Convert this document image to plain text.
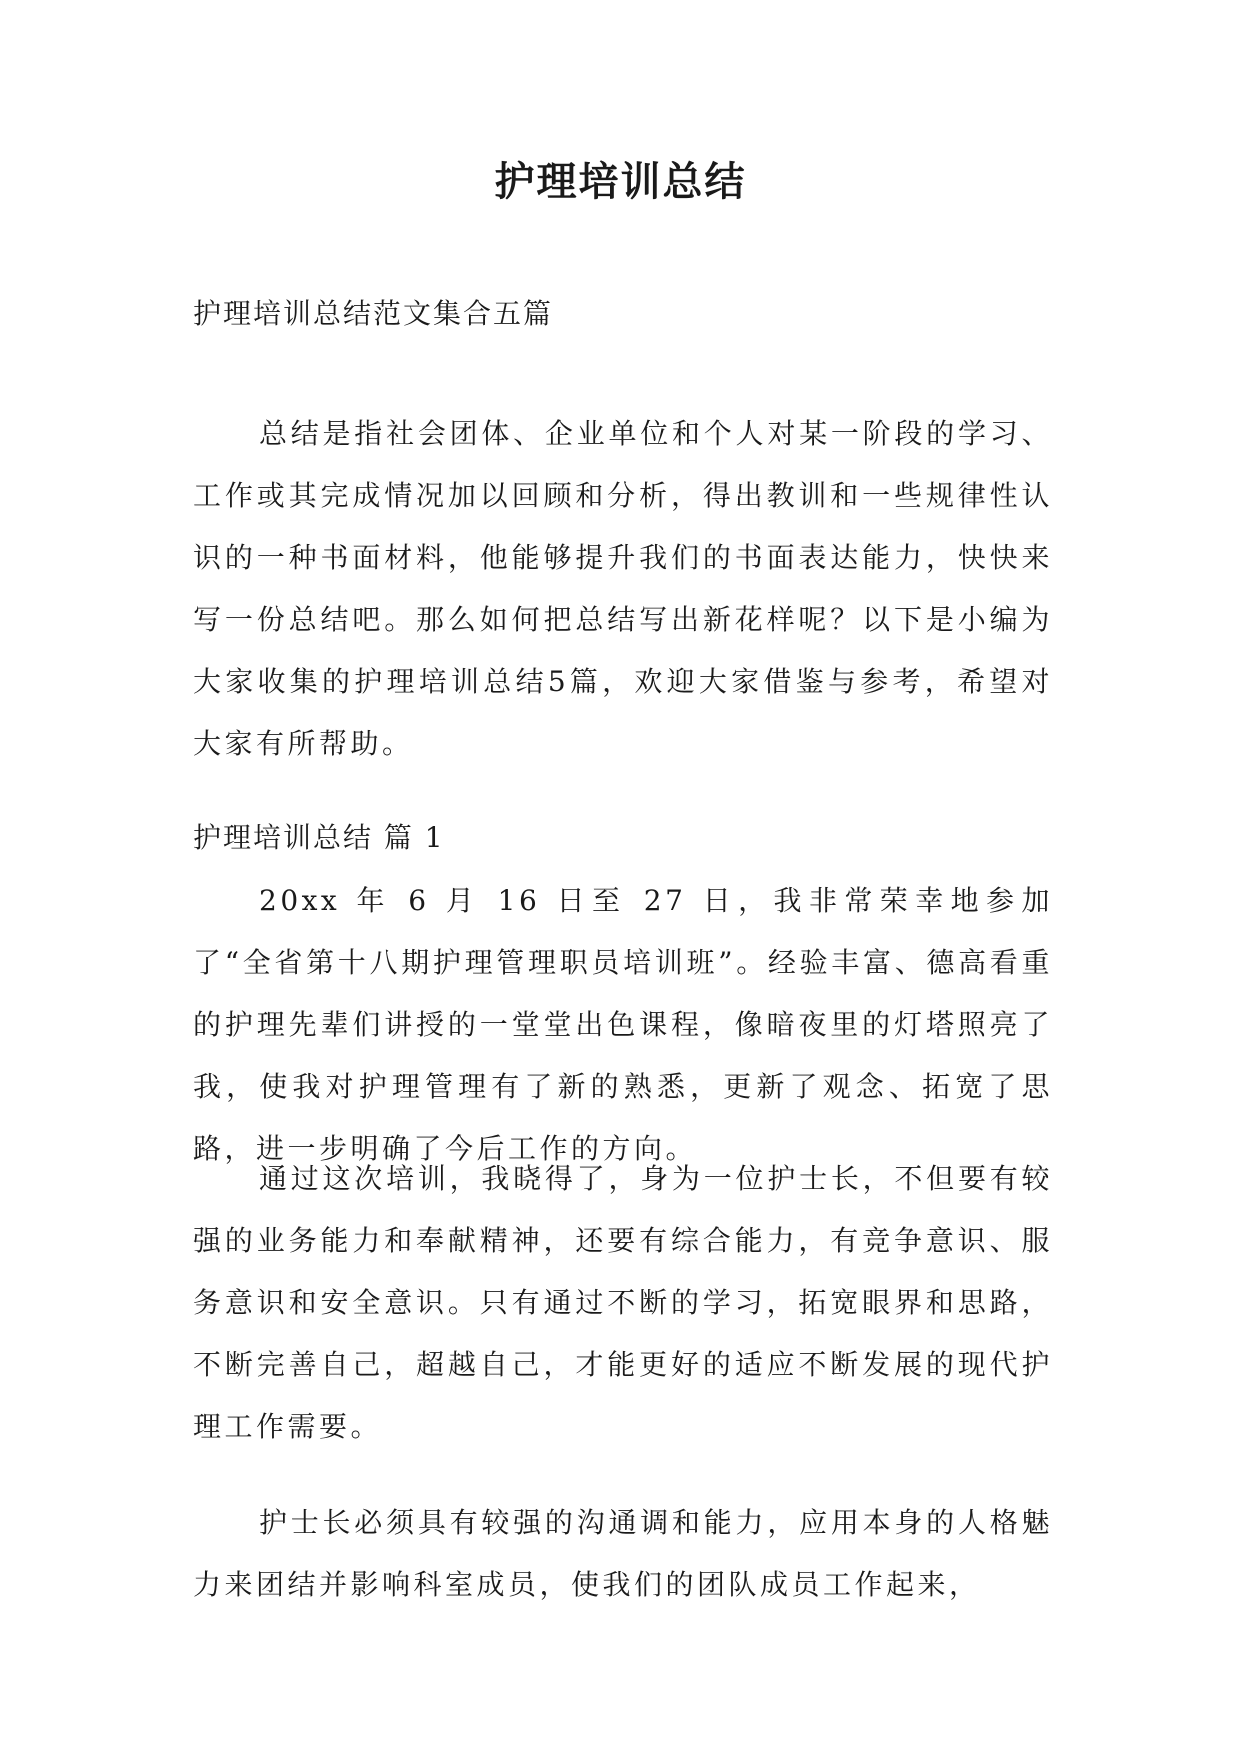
护理培训总结
护理培训总结范文集合五篇

总结是指社会团体、企业单位和个人对某一阶段的学习、工作或其完成情况加以回顾和分析，得出教训和一些规律性认识的一种书面材料，他能够提升我们的书面表达能力，快快来写一份总结吧。那么如何把总结写出新花样呢？以下是小编为大家收集的护理培训总结5篇，欢迎大家借鉴与参考，希望对大家有所帮助。

护理培训总结 篇 1

20xx 年 6 月 16 日至 27 日，我非常荣幸地参加了“全省第十八期护理管理职员培训班”。经验丰富、德高看重的护理先辈们讲授的一堂堂出色课程，像暗夜里的灯塔照亮了我，使我对护理管理有了新的熟悉，更新了观念、拓宽了思路，进一步明确了今后工作的方向。

通过这次培训，我晓得了，身为一位护士长，不但要有较强的业务能力和奉献精神，还要有综合能力，有竞争意识、服务意识和安全意识。只有通过不断的学习，拓宽眼界和思路，不断完善自己，超越自己，才能更好的适应不断发展的现代护理工作需要。

护士长必须具有较强的沟通调和能力，应用本身的人格魅力来团结并影响科室成员，使我们的团队成员工作起来，
